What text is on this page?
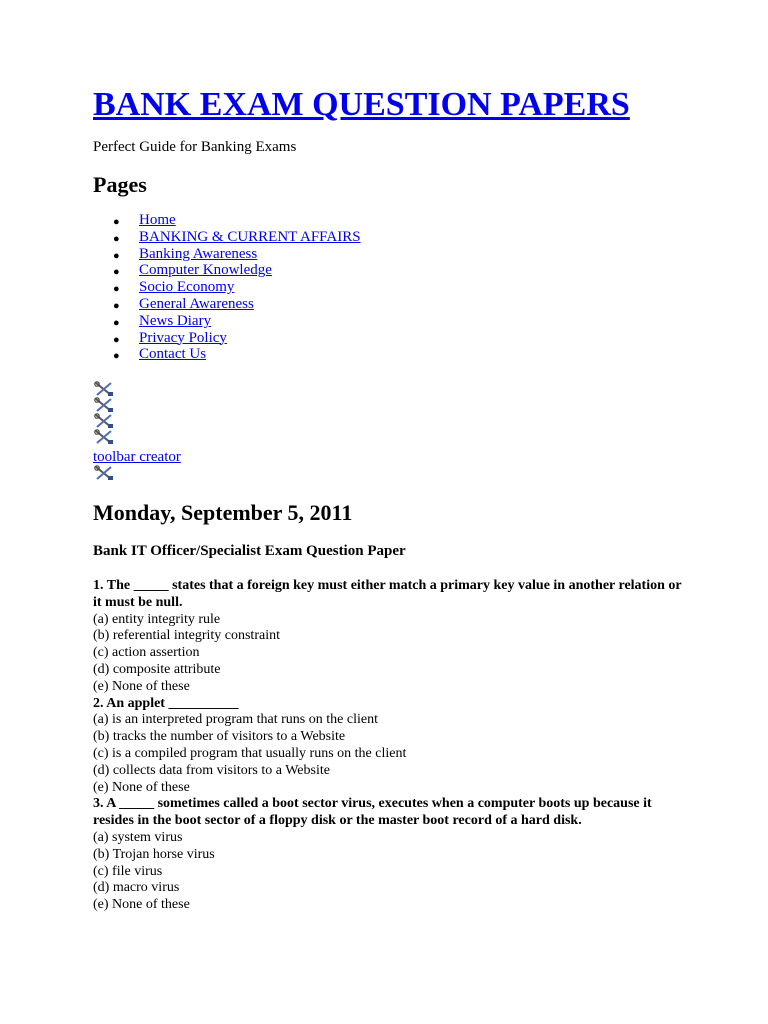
BANK EXAM QUESTION PAPERS

Perfect Guide for Banking Exams

Pages
● Home
● BANKING & CURRENT AFFAIRS
● Banking Awareness
● Computer Knowledge
● Socio Economy
● General Awareness
● News Diary
● Privacy Policy
● Contact Us

toolbar creator

Monday, September 5, 2011
Bank IT Officer/Specialist Exam Question Paper

1. The _____ states that a foreign key must either match a primary key value in another relation or it must be null.

(a) entity integrity rule

(b) referential integrity constraint

(c) action assertion

(d) composite attribute

(e) None of these

2. An applet __________

(a) is an interpreted program that runs on the client

(b) tracks the number of visitors to a Website

(c) is a compiled program that usually runs on the client

(d) collects data from visitors to a Website

(e) None of these

3. A _____ sometimes called a boot sector virus, executes when a computer boots up because it resides in the boot sector of a floppy disk or the master boot record of a hard disk.

(a) system virus

(b) Trojan horse virus

(c) file virus

(d) macro virus

(e) None of these
